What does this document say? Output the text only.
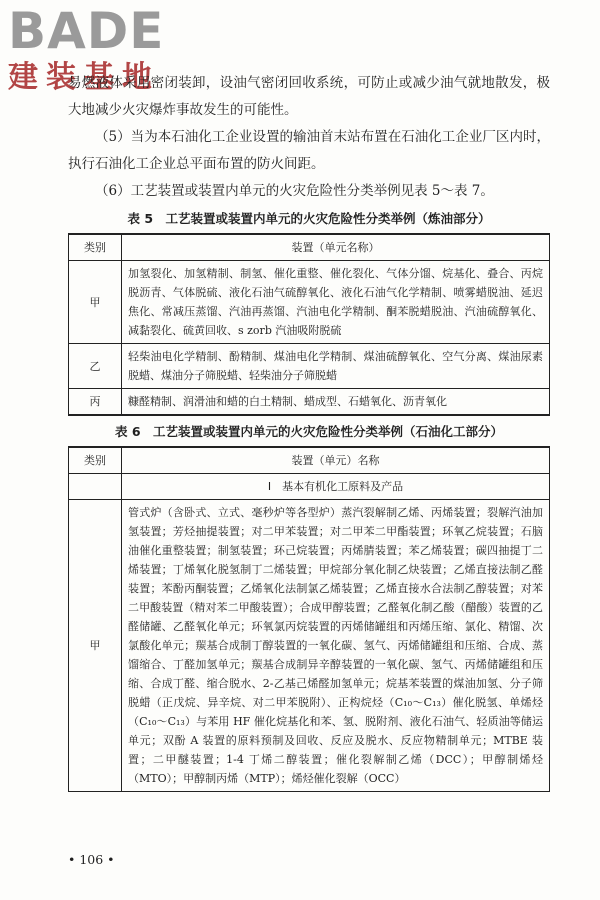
BADE
建装基地

易燃液体采用密闭装卸，设油气密闭回收系统，可防止或减少油气就地散发，极大地减少火灾爆炸事故发生的可能性。

（5）当为本石油化工企业设置的输油首末站布置在石油化工企业厂区内时，执行石油化工企业总平面布置的防火间距。

（6）工艺装置或装置内单元的火灾危险性分类举例见表 5～表 7。

表 5　工艺装置或装置内单元的火灾危险性分类举例（炼油部分）
类别	装置（单元名称）
甲	加氢裂化、加氢精制、制氢、催化重整、催化裂化、气体分馏、烷基化、叠合、丙烷脱沥青、气体脱硫、液化石油气硫醇氧化、液化石油气化学精制、喷雾蜡脱油、延迟焦化、常减压蒸馏、汽油再蒸馏、汽油电化学精制、酮苯脱蜡脱油、汽油硫醇氧化、减黏裂化、硫黄回收、s zorb 汽油吸附脱硫
乙	轻柴油电化学精制、酚精制、煤油电化学精制、煤油硫醇氧化、空气分离、煤油尿素脱蜡、煤油分子筛脱蜡、轻柴油分子筛脱蜡
丙	糠醛精制、润滑油和蜡的白土精制、蜡成型、石蜡氧化、沥青氧化
表 6　工艺装置或装置内单元的火灾危险性分类举例（石油化工部分）
类别	装置（单元）名称
	Ⅰ　基本有机化工原料及产品
甲	管式炉（含卧式、立式、毫秒炉等各型炉）蒸汽裂解制乙烯、丙烯装置；裂解汽油加氢装置；芳烃抽提装置；对二甲苯装置；对二甲苯二甲酯装置；环氧乙烷装置；石脑油催化重整装置；制氢装置；环己烷装置；丙烯腈装置；苯乙烯装置；碳四抽提丁二烯装置；丁烯氧化脱氢制丁二烯装置；甲烷部分氧化制乙炔装置；乙烯直接法制乙醛装置；苯酚丙酮装置；乙烯氧化法制氯乙烯装置；乙烯直接水合法制乙醇装置；对苯二甲酸装置（精对苯二甲酸装置）；合成甲醇装置；乙醛氧化制乙酸（醋酸）装置的乙醛储罐、乙醛氧化单元；环氧氯丙烷装置的丙烯储罐组和丙烯压缩、氯化、精馏、次氯酸化单元；羰基合成制丁醇装置的一氧化碳、氢气、丙烯储罐组和压缩、合成、蒸馏缩合、丁醛加氢单元；羰基合成制异辛醇装置的一氧化碳、氢气、丙烯储罐组和压缩、合成丁醛、缩合脱水、2-乙基己烯醛加氢单元；烷基苯装置的煤油加氢、分子筛脱蜡（正戊烷、异辛烷、对二甲苯脱附）、正构烷烃（C₁₀～C₁₃）催化脱氢、单烯烃（C₁₀～C₁₃）与苯用 HF 催化烷基化和苯、氢、脱附剂、液化石油气、轻质油等储运单元；双酚 A 装置的原料预制及回收、反应及脱水、反应物精制单元；MTBE 装置；二甲醚装置；1-4 丁烯二醇装置；催化裂解制乙烯（DCC）；甲醇制烯烃（MTO）；甲醇制丙烯（MTP）；烯烃催化裂解（OCC）
• 106 •
